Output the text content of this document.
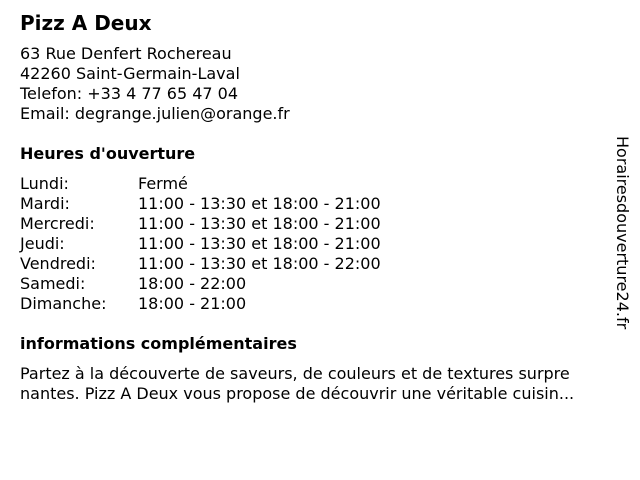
Pizz A Deux
63 Rue Denfert Rochereau
42260 Saint-Germain-Laval
Telefon: +33 4 77 65 47 04
Email: degrange.julien@orange.fr
Heures d'ouverture
Lundi:	Fermé
Mardi:	11:00 - 13:30 et 18:00 - 21:00
Mercredi:	11:00 - 13:30 et 18:00 - 21:00
Jeudi:	11:00 - 13:30 et 18:00 - 21:00
Vendredi:	11:00 - 13:30 et 18:00 - 22:00
Samedi:	18:00 - 22:00
Dimanche:	18:00 - 21:00
informations complémentaires
Partez à la découverte de saveurs, de couleurs et de textures surpre
nantes. Pizz A Deux vous propose de découvrir une véritable cuisin...
Horairesdouverture24.fr
